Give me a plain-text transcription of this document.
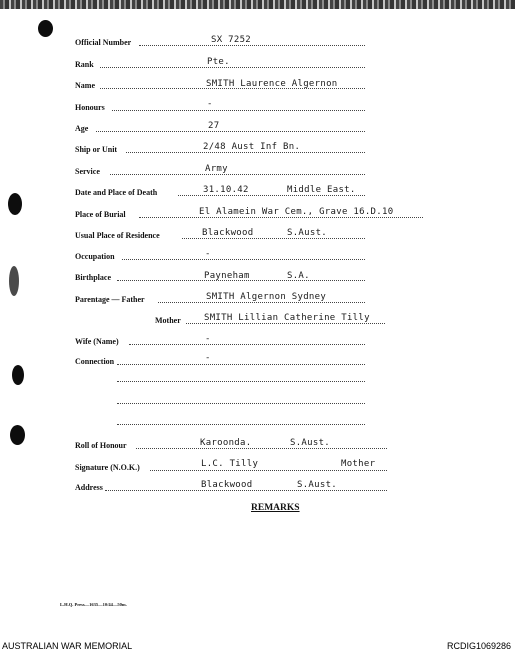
Official Number	SX 7252
Rank	Pte.
Name	SMITH Laurence Algernon
Honours	-
Age	27
Ship or Unit	2/48 Aust Inf Bn.
Service	Army
Date and Place of Death	31.10.42	Middle East.
Place of Burial	El Alamein War Cem., Grave 16.D.10
Usual Place of Residence	Blackwood	S.Aust.
Occupation	-
Birthplace	Payneham	S.A.
Parentage — Father	SMITH Algernon Sydney
Mother	SMITH Lillian Catherine Tilly
Wife (Name)	-
Connection	-
Roll of Honour	Karoonda.	S.Aust.
Signature (N.O.K.)	L.C. Tilly	Mother
Address	Blackwood	S.Aust.
REMARKS
L.H.Q. Press—1635—10/44—50m.
AUSTRALIAN WAR MEMORIAL	RCDIG1069286
